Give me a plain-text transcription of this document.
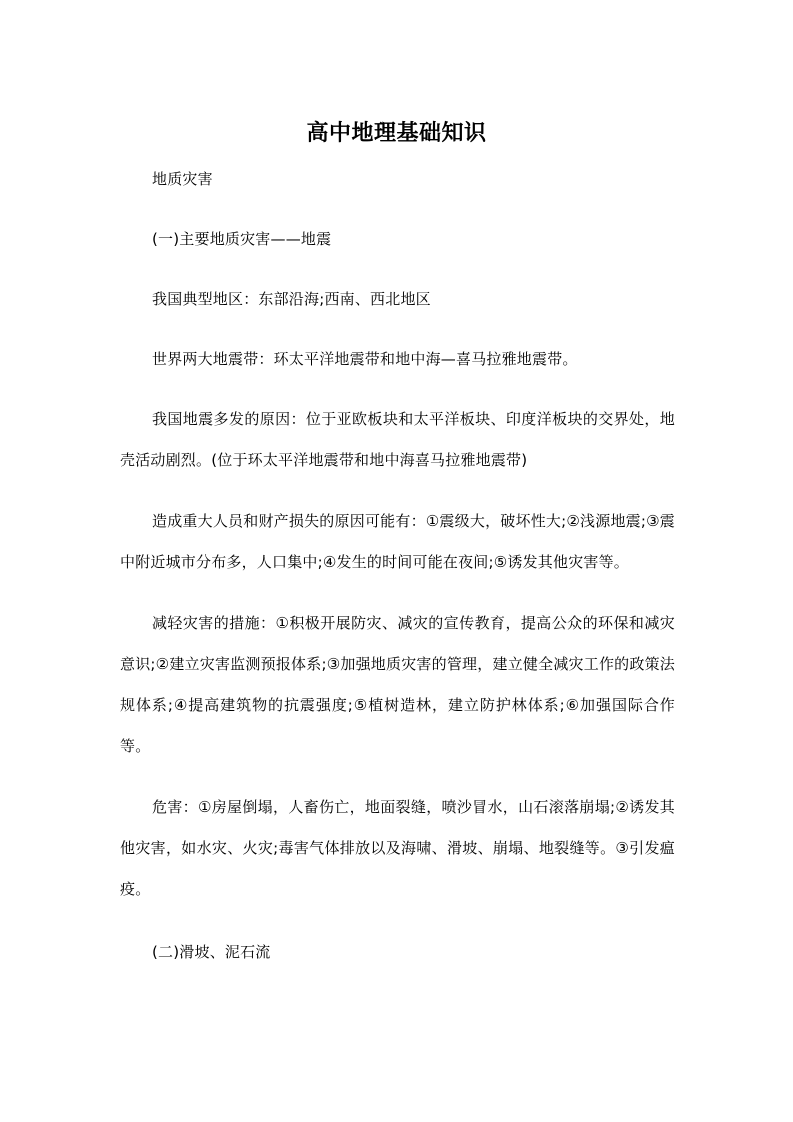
高中地理基础知识

地质灾害

(一)主要地质灾害——地震

我国典型地区：东部沿海;西南、西北地区

世界两大地震带：环太平洋地震带和地中海—喜马拉雅地震带。

我国地震多发的原因：位于亚欧板块和太平洋板块、印度洋板块的交界处，地壳活动剧烈。(位于环太平洋地震带和地中海喜马拉雅地震带)

造成重大人员和财产损失的原因可能有：①震级大，破坏性大;②浅源地震;③震中附近城市分布多，人口集中;④发生的时间可能在夜间;⑤诱发其他灾害等。

减轻灾害的措施：①积极开展防灾、减灾的宣传教育，提高公众的环保和减灾意识;②建立灾害监测预报体系;③加强地质灾害的管理，建立健全减灾工作的政策法规体系;④提高建筑物的抗震强度;⑤植树造林，建立防护林体系;⑥加强国际合作等。

危害：①房屋倒塌，人畜伤亡，地面裂缝，喷沙冒水，山石滚落崩塌;②诱发其他灾害，如水灾、火灾;毒害气体排放以及海啸、滑坡、崩塌、地裂缝等。③引发瘟疫。

(二)滑坡、泥石流
